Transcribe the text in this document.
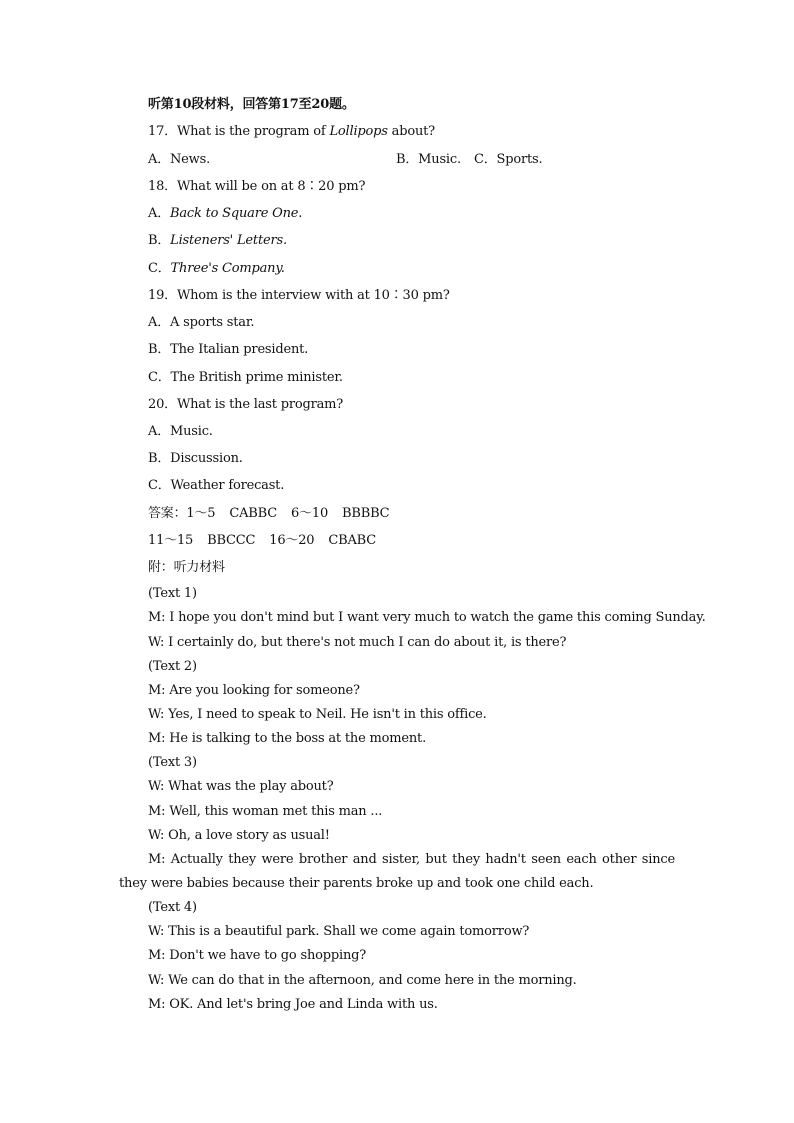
听第10段材料，回答第17至20题。
17．What is the program of Lollipops about?
A．News.	B．Music. C．Sports.
18．What will be on at 8∶20 pm?
A．Back to Square One.
B．Listeners' Letters.
C．Three's Company.
19．Whom is the interview with at 10∶30 pm?
A．A sports star.
B．The Italian president.
C．The British prime minister.
20．What is the last program?
A．Music.
B．Discussion.
C．Weather forecast.
答案：1～5 CABBC 6～10 BBBBC
11～15 BBCCC 16～20 CBABC
附：听力材料
(Text 1)
M: I hope you don't mind but I want very much to watch the game this coming Sunday.
W: I certainly do, but there's not much I can do about it, is there?
(Text 2)
M: Are you looking for someone?
W: Yes, I need to speak to Neil. He isn't in this office.
M: He is talking to the boss at the moment.
(Text 3)
W: What was the play about?
M: Well, this woman met this man ...
W: Oh, a love story as usual!
M: Actually they were brother and sister, but they hadn't seen each other since they were babies because their parents broke up and took one child each.
(Text 4)
W: This is a beautiful park. Shall we come again tomorrow?
M: Don't we have to go shopping?
W: We can do that in the afternoon, and come here in the morning.
M: OK. And let's bring Joe and Linda with us.
